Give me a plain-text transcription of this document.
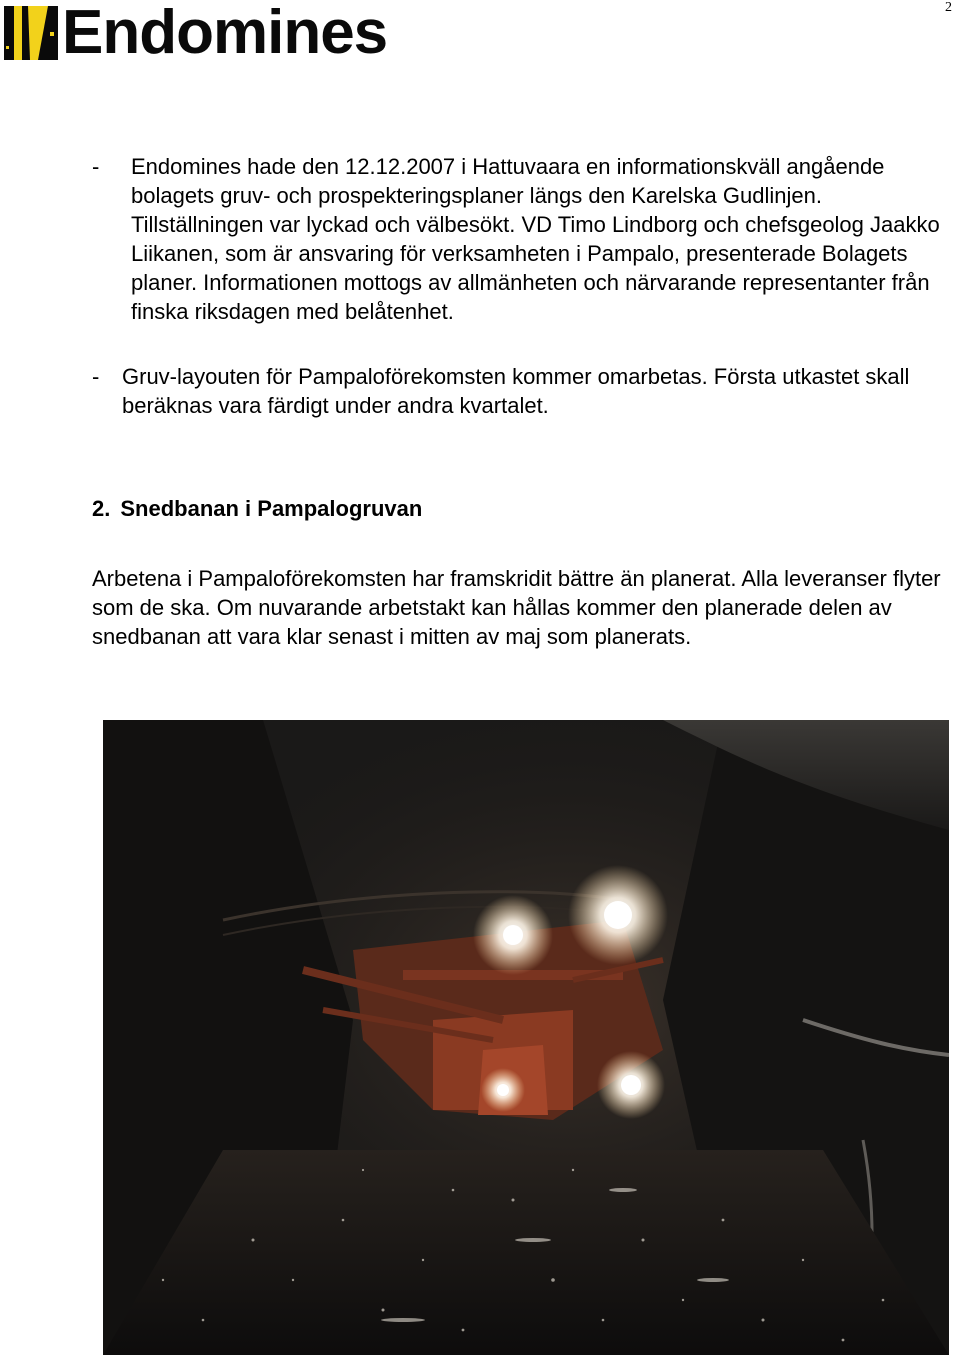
2
Endomines
- Endomines hade den 12.12.2007 i Hattuvaara en informationskväll angående bolagets gruv- och prospekteringsplaner längs den Karelska Gudlinjen. Tillställningen var lyckad och välbesökt. VD Timo Lindborg och chefsgeolog Jaakko Liikanen, som är ansvaring för verksamheten i Pampalo, presenterade Bolagets planer. Informationen mottogs av allmänheten och närvarande representanter från finska riksdagen med belåtenhet.
- Gruv-layouten för Pampaloförekomsten kommer omarbetas. Första utkastet skall beräknas vara färdigt under andra kvartalet.
2. Snedbanan i Pampalogruvan
Arbetena i Pampaloförekomsten har framskridit bättre än planerat. Alla leveranser flyter som de ska. Om nuvarande arbetstakt kan hållas kommer den planerade delen av snedbanan att vara klar senast i mitten av maj som planerats.
